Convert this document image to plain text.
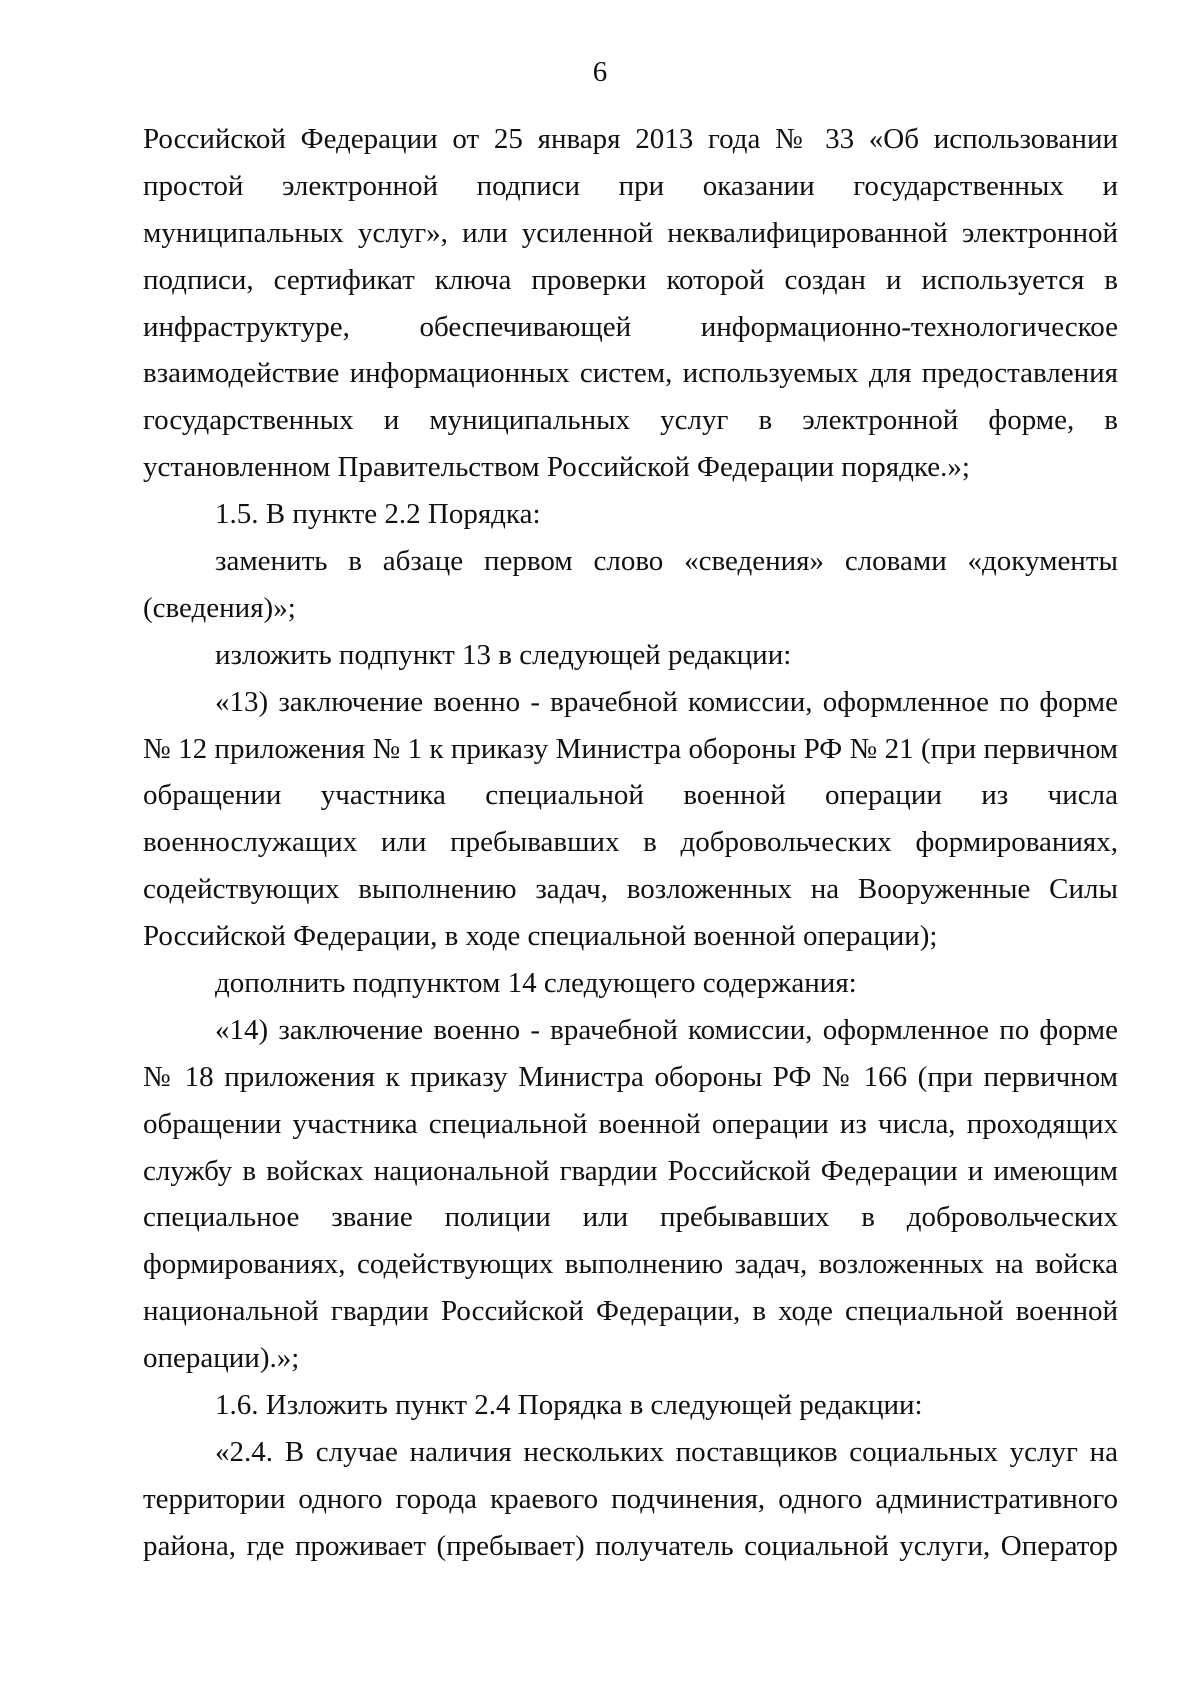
6
Российской Федерации от 25 января 2013 года № 33 «Об использовании
простой электронной подписи при оказании государственных и
муниципальных услуг», или усиленной неквалифицированной электронной
подписи, сертификат ключа проверки которой создан и используется в
инфраструктуре, обеспечивающей информационно-технологическое
взаимодействие информационных систем, используемых для предоставления
государственных и муниципальных услуг в электронной форме, в
установленном Правительством Российской Федерации порядке.»;
1.5. В пункте 2.2 Порядка:
заменить в абзаце первом слово «сведения» словами «документы
(сведения)»;
изложить подпункт 13 в следующей редакции:
«13) заключение военно - врачебной комиссии, оформленное по форме
№ 12 приложения № 1 к приказу Министра обороны РФ № 21 (при первичном
обращении участника специальной военной операции из числа
военнослужащих или пребывавших в добровольческих формированиях,
содействующих выполнению задач, возложенных на Вооруженные Силы
Российской Федерации, в ходе специальной военной операции);
дополнить подпунктом 14 следующего содержания:
«14) заключение военно - врачебной комиссии, оформленное по форме
№ 18 приложения к приказу Министра обороны РФ № 166 (при первичном
обращении участника специальной военной операции из числа, проходящих
службу в войсках национальной гвардии Российской Федерации и имеющим
специальное звание полиции или пребывавших в добровольческих
формированиях, содействующих выполнению задач, возложенных на войска
национальной гвардии Российской Федерации, в ходе специальной военной
операции).»;
1.6. Изложить пункт 2.4 Порядка в следующей редакции:
«2.4. В случае наличия нескольких поставщиков социальных услуг на
территории одного города краевого подчинения, одного административного
района, где проживает (пребывает) получатель социальной услуги, Оператор
